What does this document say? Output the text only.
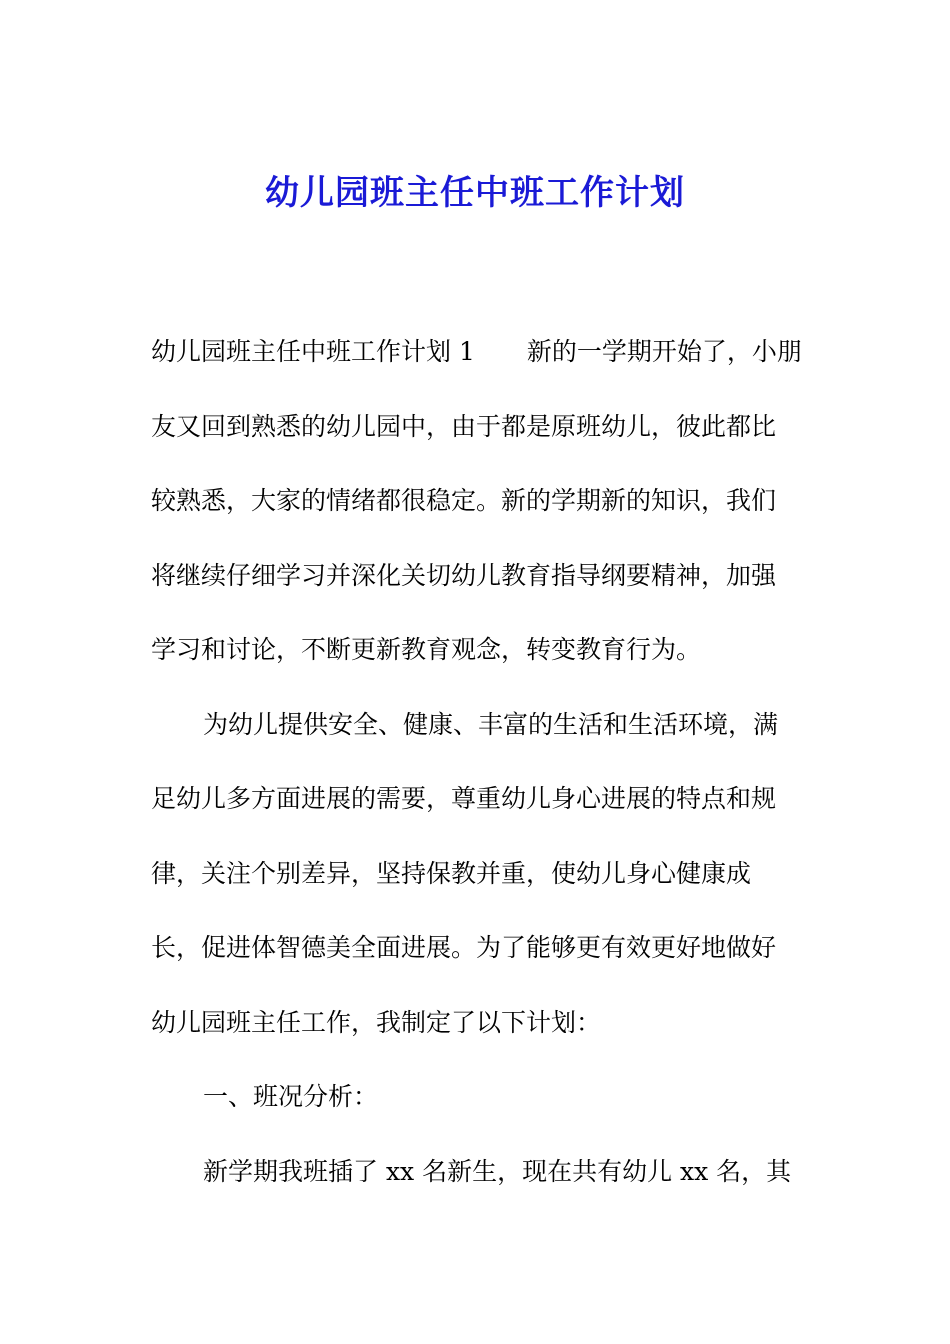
幼儿园班主任中班工作计划
幼儿园班主任中班工作计划 1 新的一学期开始了，小朋
友又回到熟悉的幼儿园中，由于都是原班幼儿，彼此都比
较熟悉，大家的情绪都很稳定。新的学期新的知识，我们
将继续仔细学习并深化关切幼儿教育指导纲要精神，加强
学习和讨论，不断更新教育观念，转变教育行为。
为幼儿提供安全、健康、丰富的生活和生活环境，满
足幼儿多方面进展的需要，尊重幼儿身心进展的特点和规
律，关注个别差异，坚持保教并重，使幼儿身心健康成
长，促进体智德美全面进展。为了能够更有效更好地做好
幼儿园班主任工作，我制定了以下计划：
一、班况分析：
新学期我班插了 xx 名新生，现在共有幼儿 xx 名，其
